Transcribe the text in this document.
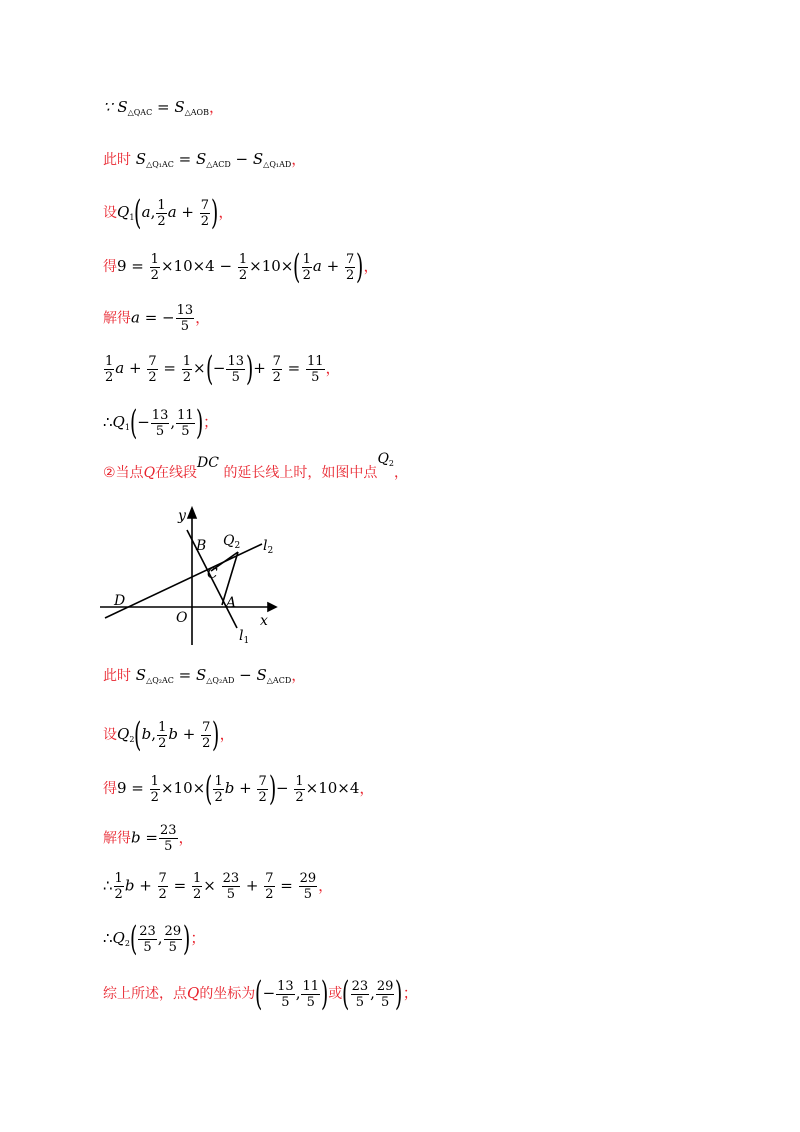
∵ $S_{\triangle QAC} = S_{\triangle AOB}$，
此时 $S_{\triangle Q_1AC} = S_{\triangle ACD} - S_{\triangle Q_1AD}$，
设$Q_1(a$, $\frac{1}{2}$ $a + \frac{7}{2}$ )，
得$9 = \frac{1}{2} \times 10\times 4 - \frac{1}{2} \times 10\times( \frac{1}{2}$ $a + \frac{7}{2}$ )，
解得a = − $\frac{13}{5}$ ，
$\frac{1}{2}$ $a + \frac{7}{2} = \frac{1}{2}$ ×(− $\frac{13}{5}$ )+ $\frac{7}{2} = \frac{11}{5}$ ，
$\therefore Q_1(- \frac{13}{5}$ , $\frac{11}{5}$ )；
②当点Q在线段DC 的延长线上时，如图中点$Q_2$，
y
x
B
C
A
D
O
$Q_2$ $l_2$
$l_1$
此时 $S_{\triangle Q_2AC} = S_{\triangle Q_2AD} - S_{\triangle ACD}$，
设$Q_2(b$, $\frac{1}{2}$ $b + \frac{7}{2}$ )，
得$9 = \frac{1}{2} \times 10\times( \frac{1}{2}$ $b + \frac{7}{2}$ )− $\frac{1}{2} \times 10\times 4$，
解得$b = \frac{23}{5}$ ，
∴ $\frac{1}{2}$ $b + \frac{7}{2} = \frac{1}{2} \times \frac{23}{5} + \frac{7}{2} = \frac{29}{5}$ ，
$\therefore Q_2( \frac{23}{5}$ , $\frac{29}{5}$ )；
综上所述，点Q的坐标为(− $\frac{13}{5}$ , $\frac{11}{5}$ )或( $\frac{23}{5}$ , $\frac{29}{5}$ )；
